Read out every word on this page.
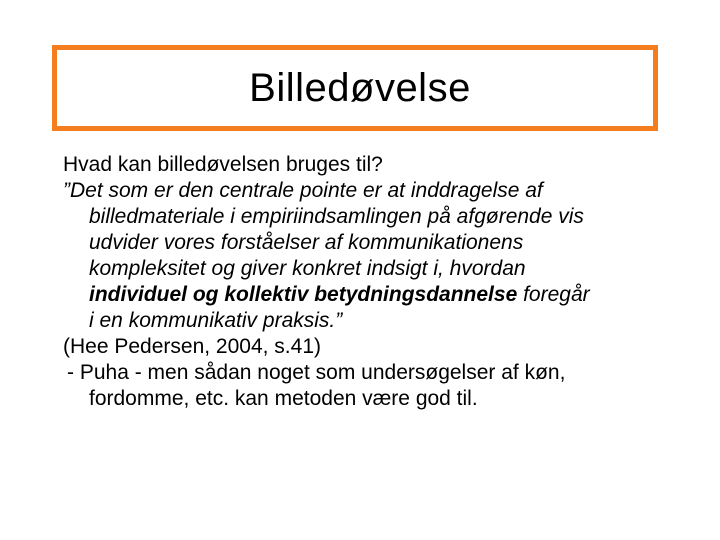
Billedøvelse
Hvad kan billedøvelsen bruges til?
”Det som er den centrale pointe er at inddragelse af
billedmateriale i empiriindsamlingen på afgørende vis
udvider vores forståelser af kommunikationens
kompleksitet og giver konkret indsigt i, hvordan
individuel og kollektiv betydningsdannelse foregår
i en kommunikativ praksis.”
(Hee Pedersen, 2004, s.41)
- Puha - men sådan noget som undersøgelser af køn,
fordomme, etc. kan metoden være god til.
